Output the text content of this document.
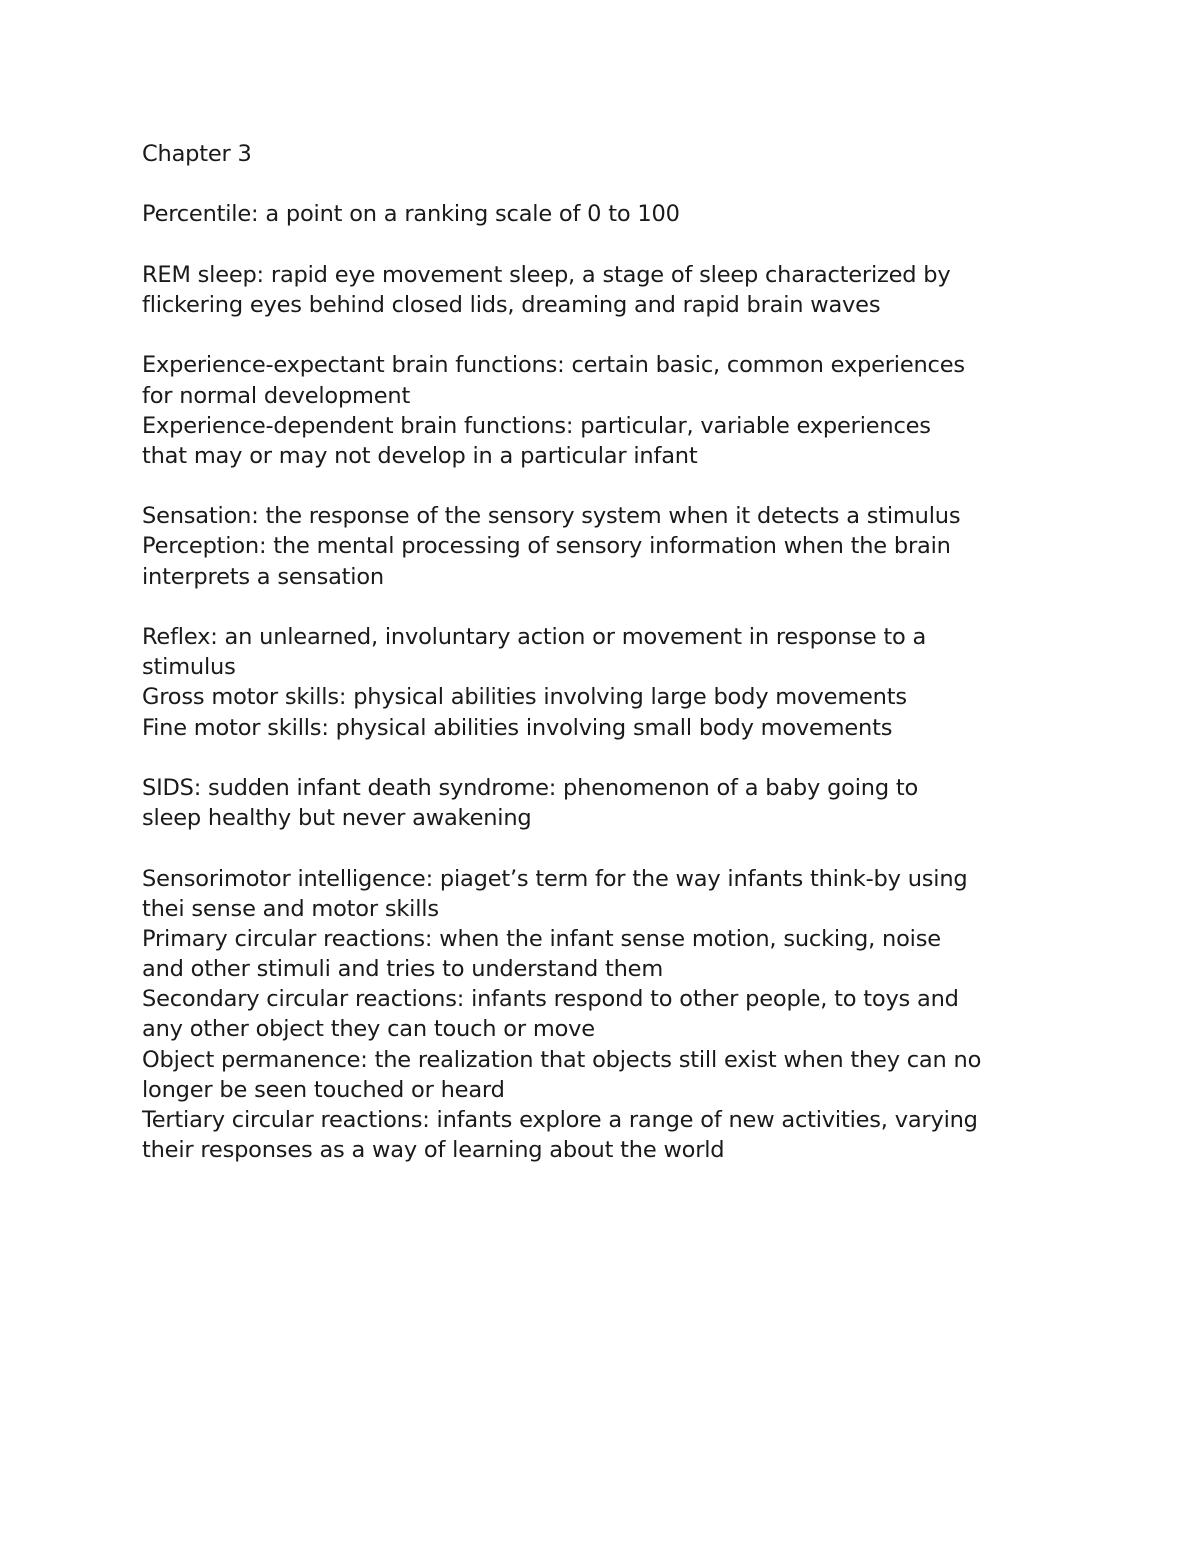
Chapter 3
Percentile: a point on a ranking scale of 0 to 100
REM sleep: rapid eye movement sleep, a stage of sleep characterized by
flickering eyes behind closed lids, dreaming and rapid brain waves
Experience-expectant brain functions: certain basic, common experiences
for normal development
Experience-dependent brain functions: particular, variable experiences
that may or may not develop in a particular infant
Sensation: the response of the sensory system when it detects a stimulus
Perception: the mental processing of sensory information when the brain
interprets a sensation
Reflex: an unlearned, involuntary action or movement in response to a
stimulus
Gross motor skills: physical abilities involving large body movements
Fine motor skills: physical abilities involving small body movements
SIDS: sudden infant death syndrome: phenomenon of a baby going to
sleep healthy but never awakening
Sensorimotor intelligence: piaget’s term for the way infants think-by using
thei sense and motor skills
Primary circular reactions: when the infant sense motion, sucking, noise
and other stimuli and tries to understand them
Secondary circular reactions: infants respond to other people, to toys and
any other object they can touch or move
Object permanence: the realization that objects still exist when they can no
longer be seen touched or heard
Tertiary circular reactions: infants explore a range of new activities, varying
their responses as a way of learning about the world
